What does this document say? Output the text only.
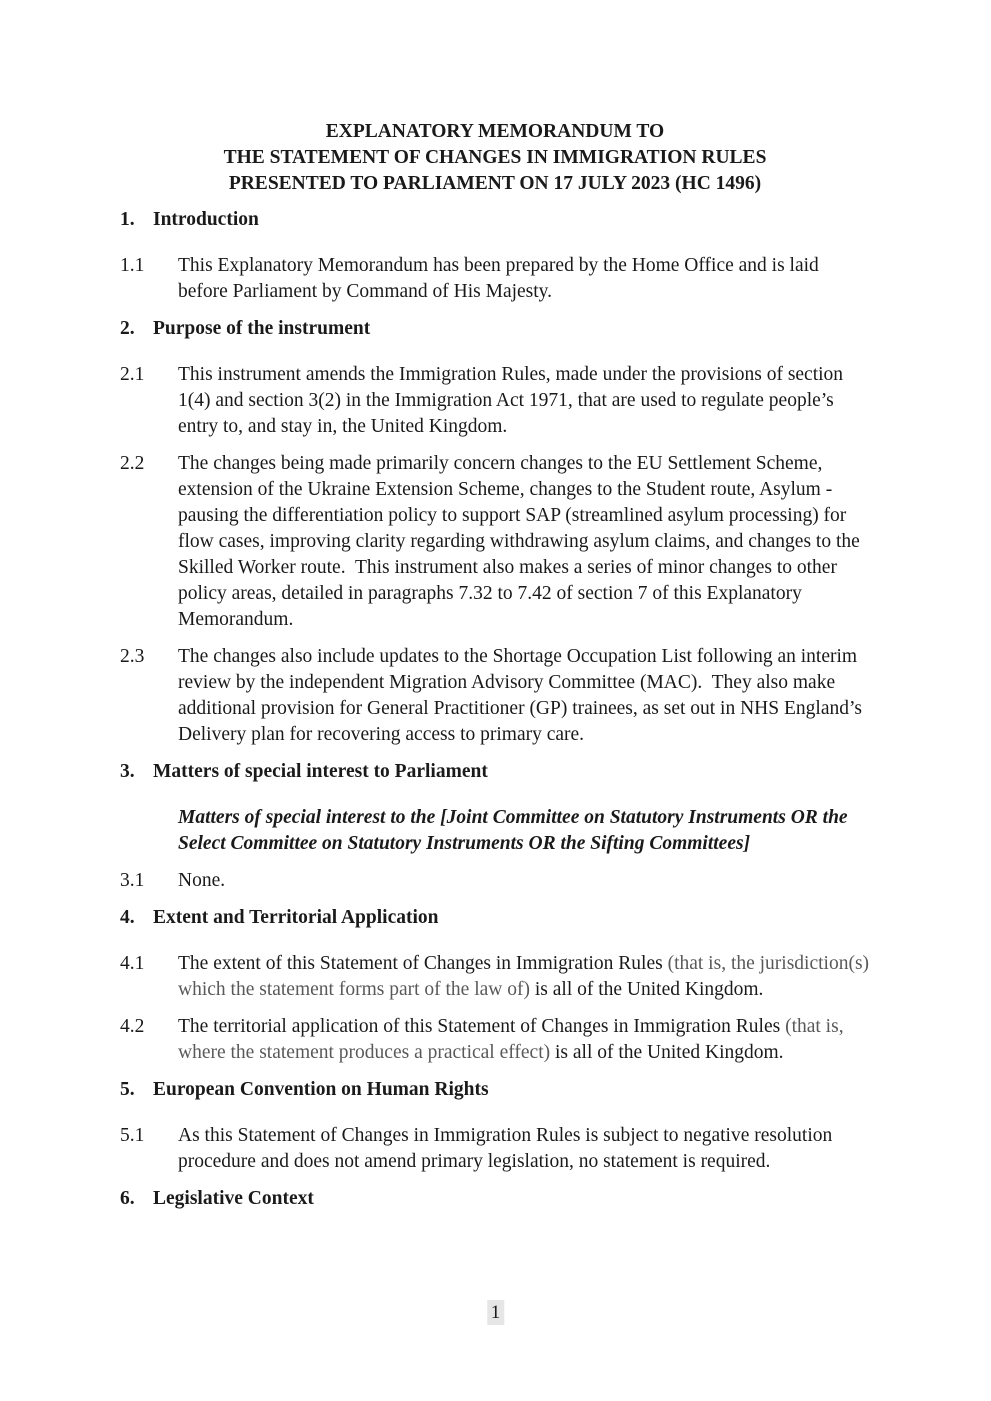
EXPLANATORY MEMORANDUM TO
THE STATEMENT OF CHANGES IN IMMIGRATION RULES
PRESENTED TO PARLIAMENT ON 17 JULY 2023 (HC 1496)
1. Introduction
1.1	This Explanatory Memorandum has been prepared by the Home Office and is laid before Parliament by Command of His Majesty.
2. Purpose of the instrument
2.1	This instrument amends the Immigration Rules, made under the provisions of section 1(4) and section 3(2) in the Immigration Act 1971, that are used to regulate people’s entry to, and stay in, the United Kingdom.
2.2	The changes being made primarily concern changes to the EU Settlement Scheme, extension of the Ukraine Extension Scheme, changes to the Student route, Asylum - pausing the differentiation policy to support SAP (streamlined asylum processing) for flow cases, improving clarity regarding withdrawing asylum claims, and changes to the Skilled Worker route.  This instrument also makes a series of minor changes to other policy areas, detailed in paragraphs 7.32 to 7.42 of section 7 of this Explanatory Memorandum.
2.3	The changes also include updates to the Shortage Occupation List following an interim review by the independent Migration Advisory Committee (MAC).  They also make additional provision for General Practitioner (GP) trainees, as set out in NHS England’s Delivery plan for recovering access to primary care.
3. Matters of special interest to Parliament
Matters of special interest to the [Joint Committee on Statutory Instruments OR the Select Committee on Statutory Instruments OR the Sifting Committees]
3.1	None.
4. Extent and Territorial Application
4.1	The extent of this Statement of Changes in Immigration Rules (that is, the jurisdiction(s) which the statement forms part of the law of) is all of the United Kingdom.
4.2	The territorial application of this Statement of Changes in Immigration Rules (that is, where the statement produces a practical effect) is all of the United Kingdom.
5. European Convention on Human Rights
5.1	As this Statement of Changes in Immigration Rules is subject to negative resolution procedure and does not amend primary legislation, no statement is required.
6. Legislative Context
1
